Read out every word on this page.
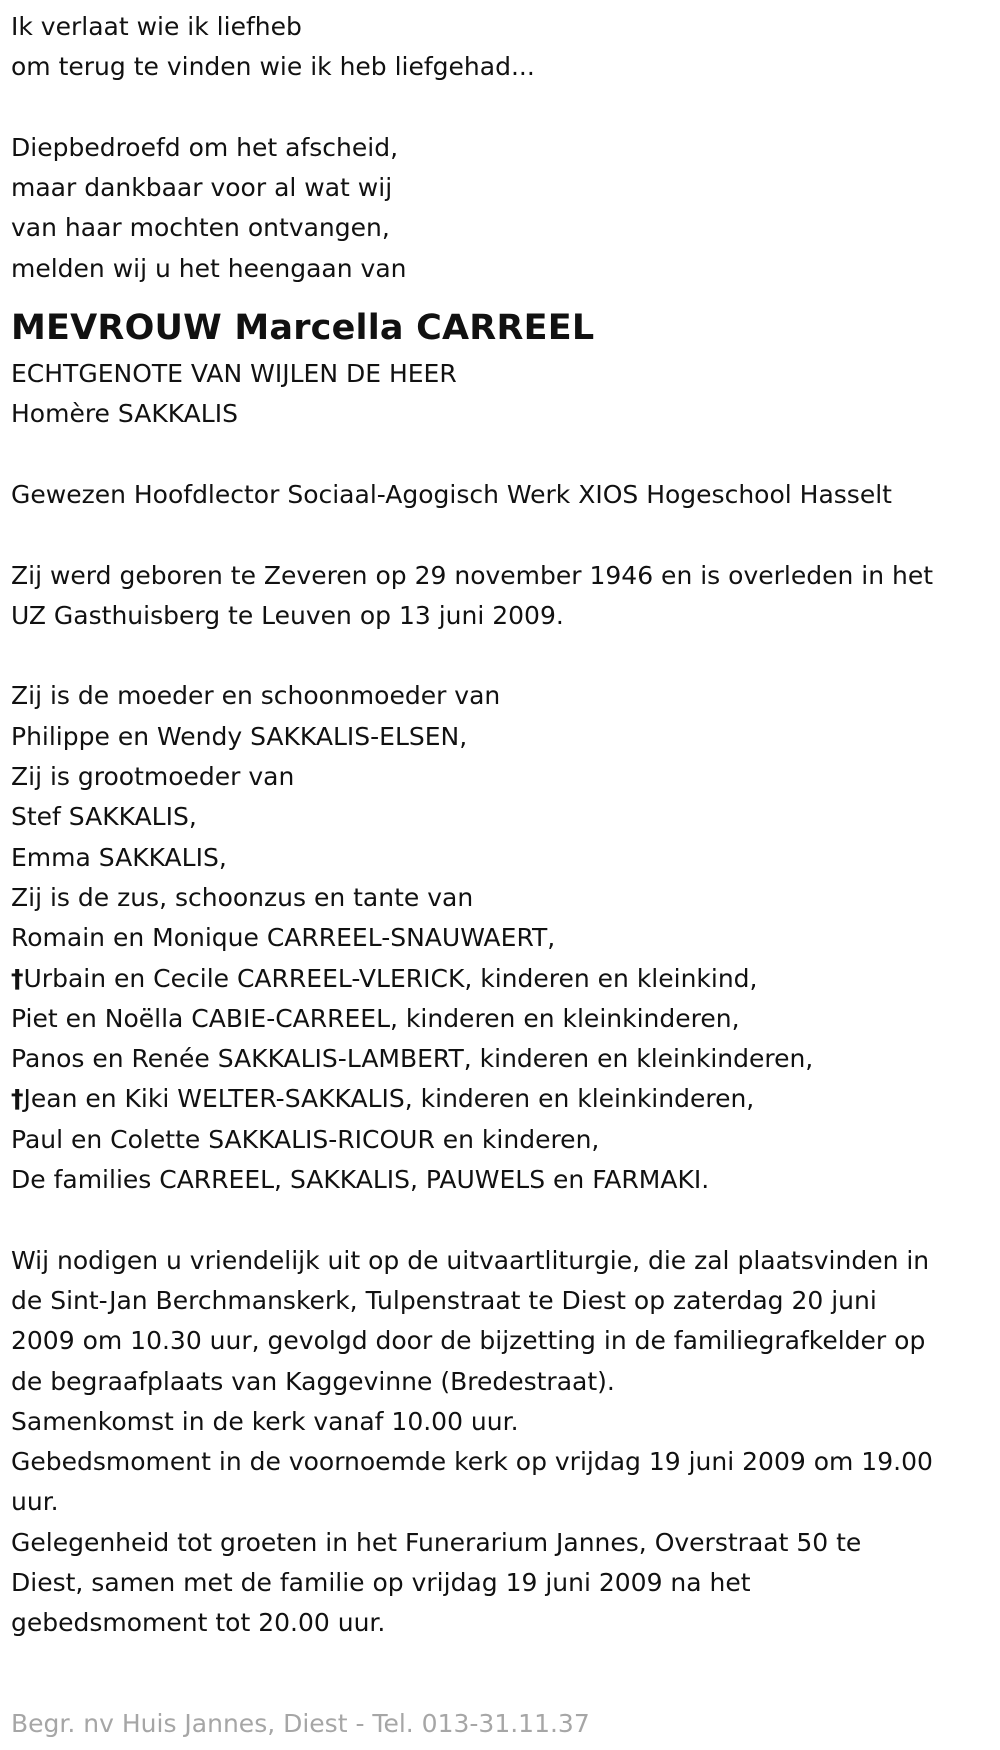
Ik verlaat wie ik liefheb

om terug te vinden wie ik heb liefgehad...

Diepbedroefd om het afscheid,

maar dankbaar voor al wat wij

van haar mochten ontvangen,

melden wij u het heengaan van

MEVROUW Marcella CARREEL

ECHTGENOTE VAN WIJLEN DE HEER

Homère SAKKALIS

Gewezen Hoofdlector Sociaal-Agogisch Werk XIOS Hogeschool Hasselt

Zij werd geboren te Zeveren op 29 november 1946 en is overleden in het

UZ Gasthuisberg te Leuven op 13 juni 2009.

Zij is de moeder en schoonmoeder van

Philippe en Wendy SAKKALIS-ELSEN,

Zij is grootmoeder van

Stef SAKKALIS,

Emma SAKKALIS,

Zij is de zus, schoonzus en tante van

Romain en Monique CARREEL-SNAUWAERT,

†Urbain en Cecile CARREEL-VLERICK, kinderen en kleinkind,

Piet en Noëlla CABIE-CARREEL, kinderen en kleinkinderen,

Panos en Renée SAKKALIS-LAMBERT, kinderen en kleinkinderen,

†Jean en Kiki WELTER-SAKKALIS, kinderen en kleinkinderen,

Paul en Colette SAKKALIS-RICOUR en kinderen,

De families CARREEL, SAKKALIS, PAUWELS en FARMAKI.

Wij nodigen u vriendelijk uit op de uitvaartliturgie, die zal plaatsvinden in

de Sint-Jan Berchmanskerk, Tulpenstraat te Diest op zaterdag 20 juni

2009 om 10.30 uur, gevolgd door de bijzetting in de familiegrafkelder op

de begraafplaats van Kaggevinne (Bredestraat).

Samenkomst in de kerk vanaf 10.00 uur.

Gebedsmoment in de voornoemde kerk op vrijdag 19 juni 2009 om 19.00

uur.

Gelegenheid tot groeten in het Funerarium Jannes, Overstraat 50 te

Diest, samen met de familie op vrijdag 19 juni 2009 na het

gebedsmoment tot 20.00 uur.

Begr. nv Huis Jannes, Diest - Tel. 013-31.11.37
